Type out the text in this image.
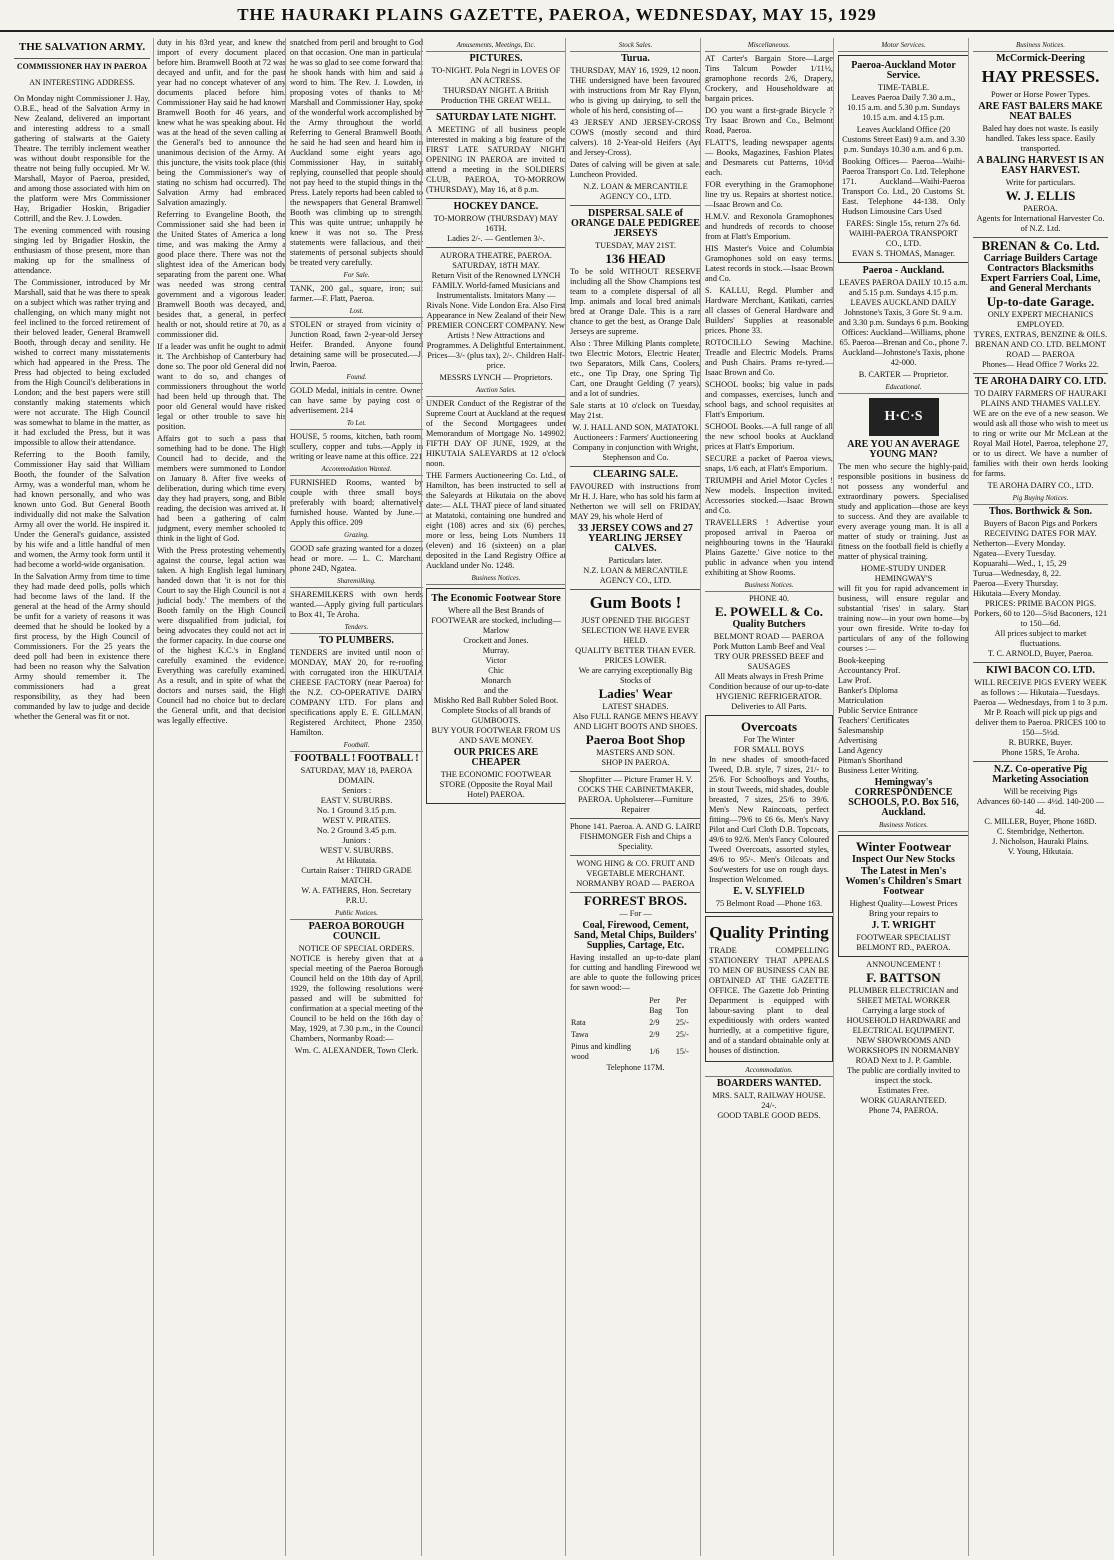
THE HAURAKI PLAINS GAZETTE, PAEROA, WEDNESDAY, MAY 15, 1929
THE SALVATION ARMY.
COMMISSIONER HAY IN PAEROA
AN INTERESTING ADDRESS.

On Monday night Commissioner J. Hay, O.B.E., head of the Salvation Army in New Zealand, delivered an important and interesting address to a small gathering of stalwarts at the Gaiety Theatre. The terribly inclement weather was without doubt responsible for the theatre not being fully occupied. Mr W. Marshall, Mayor of Paeroa, presided, and among those associated with him on the platform were Mrs Commissioner Hay, Brigadier Hoskin, Brigadier Cottrill, and the Rev. J. Lowden.

The evening commenced with rousing singing led by Brigadier Hoskin, the enthusiasm of those present, more than making up for the smallness of attendance.

The Commissioner, introduced by Mr Marshall, said that he was there to speak on a subject which was rather trying and challenging, on which many might not feel inclined to the forced retirement of their beloved leader, General Bramwell Booth, through decay and senility. He wished to correct many misstatements which had appeared in the Press. The Press had objected to being excluded from the High Council's deliberations in London; and the best papers were still constantly making statements which were not accurate. The High Council was somewhat to blame in the matter, as it had excluded the Press, but it was impossible to allow their attendance.

Referring to the Booth family, Commissioner Hay said that William Booth, the founder of the Salvation Army, was a wonderful man, whom he had known personally, and who was known unto God. But General Booth individually did not make the Salvation Army all over the world. He inspired it. Under the General's guidance, assisted by his wife and a little handful of men and women, the Army took form until it had become a world-wide organisation.

In the Salvation Army from time to time they had made deed polls, polls which had become laws of the land. If the general at the head of the Army should be unfit for a variety of reasons it was deemed that he should be looked by a first process, by the High Council of Commissioners. For the 25 years the deed poll had been in existence there had been no reason why the Salvation Army should remember it. The commissioners had a great responsibility, as they had been commanded by law to judge and decide whether the General was fit or not.

duty in his 83rd year, and knew the import of every document placed before him. Bramwell Booth at 72 was decayed and unfit, and for the past year had no concept whatever of any documents placed before him. Commissioner Hay said he had known Bramwell Booth for 46 years, and knew what he was speaking about. He was at the head of the seven calling at the General's bed to announce the unanimous decision of the Army. At this juncture, the visits took place (this being the Commissioner's way of stating no schism had occurred). The Salvation Army had embraced Salvation amazingly.

Referring to Evangeline Booth, the Commissioner said she had been in the United States of America a long time, and was making the Army a good place there. There was not the slightest idea of the American body separating from the parent one. What was needed was strong central government and a vigorous leader. Bramwell Booth was decayed, and, besides that, a general, in perfect health or not, should retire at 70, as a commissioner did.

If a leader was unfit he ought to admit it. The Archbishop of Canterbury had done so. The poor old General did not want to do so, and changes of commissioners throughout the world had been held up through that. The poor old General would have risked legal or other trouble to save his position.

Affairs got to such a pass that something had to be done. The High Council had to decide, and the members were summoned to London on January 8. After five weeks of deliberation, during which time every day they had prayers, song, and Bible reading, the decision was arrived at. It had been a gathering of calm judgment, every member schooled to think in the light of God.

With the Press protesting vehemently against the course, legal action was taken. A high English legal luminary handed down that 'it is not for this Court to say the High Council is not a judicial body.' The members of the Booth family on the High Council were disqualified from judicial, for being advocates they could not act in the former capacity. In due course one of the highest K.C.'s in England carefully examined the evidence. Everything was carefully examined. As a result, and in spite of what the doctors and nurses said, the High Council had no choice but to declare the General unfit, and that decision was legally effective.

snatched from peril and brought to God on that occasion. One man in particular he was so glad to see come forward that he shook hands with him and said a word to him. The Rev. J. Lowden, in proposing votes of thanks to Mr Marshall and Commissioner Hay, spoke of the wonderful work accomplished by the Army throughout the world. Referring to General Bramwell Booth, he said he had seen and heard him in Auckland some eight years ago. Commissioner Hay, in suitably replying, counselled that people should not pay heed to the stupid things in the Press. Lately reports had been cabled to the newspapers that General Bramwell Booth was climbing up to strength. This was quite untrue; unhappily he knew it was not so. The Press statements were fallacious, and their statements of personal subjects should be treated very carefully.

For Sale.

TANK, 200 gal., square, iron; suit farmer.—F. Flatt, Paeroa.

Lost.

STOLEN or strayed from vicinity of Junction Road, fawn 2-year-old Jersey Heifer. Branded. Anyone found detaining same will be prosecuted.—J. Irwin, Paeroa.

Found.

GOLD Medal, initials in centre. Owner can have same by paying cost of advertisement. 214

To Let.

HOUSE, 5 rooms, kitchen, bath room, scullery, copper and tubs.—Apply in writing or leave name at this office. 221

Accommodation Wanted.

FURNISHED Rooms, wanted by couple with three small boys, preferably with board; alternatively furnished house. Wanted by June.—Apply this office. 209

Grazing.

GOOD safe grazing wanted for a dozen head or more. — L. C. Marchant, phone 24D, Ngatea.

Sharemilking.

SHAREMILKERS with own herds wanted.—Apply giving full particulars to Box 41, Te Aroha.

Tenders.
TO PLUMBERS.

TENDERS are invited until noon of MONDAY, MAY 20, for re-roofing with corrugated iron the HIKUTAIA CHEESE FACTORY (near Paeroa) for the N.Z. CO-OPERATIVE DAIRY COMPANY LTD. For plans and specifications apply E. E. GILLMAN, Registered Architect, Phone 2350, Hamilton.

Football.
FOOTBALL ! FOOTBALL !
SATURDAY, MAY 18, PAEROA DOMAIN.
Seniors :
EAST V. SUBURBS.
No. 1 Ground 3.15 p.m.
WEST V. PIRATES.
No. 2 Ground 3.45 p.m.
Juniors :
WEST V. SUBURBS.
At Hikutaia.
Curtain Raiser : THIRD GRADE MATCH.
W. A. FATHERS, Hon. Secretary P.R.U.
Public Notices.
PAEROA BOROUGH COUNCIL
NOTICE OF SPECIAL ORDERS.

NOTICE is hereby given that at a special meeting of the Paeroa Borough Council held on the 18th day of April, 1929, the following resolutions were passed and will be submitted for confirmation at a special meeting of the Council to be held on the 16th day of May, 1929, at 7.30 p.m., in the Council Chambers, Normanby Road:—

Wm. C. ALEXANDER, Town Clerk.
Amusements, Meetings, Etc.
PICTURES.
TO-NIGHT. Pola Negri in LOVES OF AN ACTRESS.
THURSDAY NIGHT. A British Production THE GREAT WELL.
SATURDAY LATE NIGHT.

A MEETING of all business people interested in making a big feature of the FIRST LATE SATURDAY NIGHT OPENING IN PAEROA are invited to attend a meeting in the SOLDIERS' CLUB, PAEROA, TO-MORROW (THURSDAY), May 16, at 8 p.m.

HOCKEY DANCE.
TO-MORROW (THURSDAY) MAY 16TH.
Ladies 2/-. — Gentlemen 3/-.
AURORA THEATRE, PAEROA. SATURDAY, 18TH MAY.

Return Visit of the Renowned LYNCH FAMILY. World-famed Musicians and Instrumentalists. Imitators Many — Rivals None. Vide London Era. Also First Appearance in New Zealand of their New PREMIER CONCERT COMPANY. New Artists ! New Attractions and Programmes. A Delightful Entertainment. Prices—3/- (plus tax), 2/-. Children Half-price.

MESSRS LYNCH — Proprietors.
Auction Sales.

UNDER Conduct of the Registrar of the Supreme Court at Auckland at the request of the Second Mortgagees under Memorandum of Mortgage No. 149902. FIFTH DAY OF JUNE, 1929, at the HIKUTAIA SALEYARDS at 12 o'clock noon.

THE Farmers Auctioneering Co. Ltd., of Hamilton, has been instructed to sell at the Saleyards at Hikutaia on the above date:— ALL THAT piece of land situated at Matatoki, containing one hundred and eight (108) acres and six (6) perches, more or less, being Lots Numbers 11 (eleven) and 16 (sixteen) on a plan deposited in the Land Registry Office at Auckland under No. 1248.

Business Notices.
The Economic Footwear Store
Where all the Best Brands of FOOTWEAR are stocked, including—
Marlow
Crockett and Jones.
Murray.
Victor
Chic
Monarch
and the
Miskho Red Ball Rubber Soled Boot.
Complete Stocks of all brands of GUMBOOTS.
BUY YOUR FOOTWEAR FROM US AND SAVE MONEY.
OUR PRICES ARE CHEAPER
THE ECONOMIC FOOTWEAR STORE (Opposite the Royal Mail Hotel) PAEROA.
Stock Sales.
Turua.
THURSDAY, MAY 16, 1929, 12 noon.

THE undersigned have been favoured with instructions from Mr Ray Flynn, who is giving up dairying, to sell the whole of his herd, consisting of—

43 JERSEY AND JERSEY-CROSS COWS (mostly second and third calvers). 18 2-Year-old Heifers (Ayr and Jersey-Cross).

Dates of calving will be given at sale. Luncheon Provided.

N.Z. LOAN & MERCANTILE AGENCY CO., LTD.
DISPERSAL SALE of ORANGE DALE PEDIGREE JERSEYS
TUESDAY, MAY 21ST.
136 HEAD

To be sold WITHOUT RESERVE including all the Show Champions test team to a complete dispersal of all Imp. animals and local bred animals bred at Orange Dale. This is a rare chance to get the best, as Orange Dale Jerseys are supreme.

Also : Three Milking Plants complete, two Electric Motors, Electric Heater, two Separators, Milk Cans, Coolers, etc., one Tip Dray, one Spring Tip Cart, one Draught Gelding (7 years), and a lot of sundries.

Sale starts at 10 o'clock on Tuesday, May 21st.

W. J. HALL AND SON, MATATOKI.

Auctioneers : Farmers' Auctioneering Company in conjunction with Wright, Stephenson and Co.

CLEARING SALE.

FAVOURED with instructions from Mr H. J. Hare, who has sold his farm at Netherton we will sell on FRIDAY, MAY 29, his whole Herd of

33 JERSEY COWS and 27 YEARLING JERSEY CALVES.
Particulars later.
N.Z. LOAN & MERCANTILE AGENCY CO., LTD.
Gum Boots !
JUST OPENED THE BIGGEST SELECTION WE HAVE EVER HELD.
QUALITY BETTER THAN EVER. PRICES LOWER.
We are carrying exceptionally Big Stocks of
Ladies' Wear
LATEST SHADES.
Also FULL RANGE MEN'S HEAVY AND LIGHT BOOTS AND SHOES.
Paeroa Boot Shop
MASTERS AND SON.
SHOP IN PAEROA.
Shopfitter — Picture Framer H. V. COCKS THE CABINETMAKER, PAEROA. Upholsterer—Furniture Repairer
Phone 141. Paeroa. A. AND G. LAIRD FISHMONGER Fish and Chips a Speciality.
WONG HING & CO. FRUIT AND VEGETABLE MERCHANT. NORMANBY ROAD — PAEROA
FORREST BROS.
— For —
Coal, Firewood, Cement, Sand, Metal Chips, Builders' Supplies, Cartage, Etc.

Having installed an up-to-date plant for cutting and handling Firewood we are able to quote the following prices for sawn wood:—

	Per Bag	Per Ton
Rata	2/9	25/-
Tawa	2/9	25/-
Pinus and kindling wood	1/6	15/-
Telephone 117M.
Miscellaneous.

AT Carter's Bargain Store—Large Tins Talcum Powder 1/11½, gramophone records 2/6, Drapery, Crockery, and Householdware at bargain prices.

DO you want a first-grade Bicycle ? Try Isaac Brown and Co., Belmont Road, Paeroa.

FLATT'S, leading newspaper agents — Books, Magazines, Fashion Plates and Desmarets cut Patterns, 10½d each.

FOR everything in the Gramophone line try us. Repairs at shortest notice.—Isaac Brown and Co.

H.M.V. and Rexonola Gramophones and hundreds of records to choose from at Flatt's Emporium.

HIS Master's Voice and Columbia Gramophones sold on easy terms. Latest records in stock.—Isaac Brown and Co.

S. KALLU, Regd. Plumber and Hardware Merchant, Katikati, carries all classes of General Hardware and Builders' Supplies at reasonable prices. Phone 33.

ROTOCILLO Sewing Machine. Treadle and Electric Models. Prams and Push Chairs. Prams re-tyred.—Isaac Brown and Co.

SCHOOL books; big value in pads and compasses, exercises, lunch and school bags, and school requisites at Flatt's Emporium.

SCHOOL Books.—A full range of all the new school books at Auckland prices at Flatt's Emporium.

SECURE a packet of Paeroa views, snaps, 1/6 each, at Flatt's Emporium.

TRIUMPH and Ariel Motor Cycles ! New models. Inspection invited. Accessories stocked.—Isaac Brown and Co.

TRAVELLERS ! Advertise your proposed arrival in Paeroa or neighbouring towns in the 'Hauraki Plains Gazette.' Give notice to the public in advance when you intend exhibiting at Show Rooms.

Business Notices.
PHONE 40.
E. POWELL & Co.
Quality Butchers
BELMONT ROAD — PAEROA
Pork Mutton Lamb Beef and Veal
TRY OUR PRESSED BEEF and SAUSAGES

All Meats always in Fresh Prime Condition because of our up-to-date HYGIENIC REFRIGERATOR. Deliveries to All Parts.

Overcoats
For The Winter
FOR SMALL BOYS

In new shades of smooth-faced Tweed, D.B. style, 7 sizes, 21/- to 25/6. For Schoolboys and Youths, in stout Tweeds, mid shades, double breasted, 7 sizes, 25/6 to 39/6. Men's New Raincoats, perfect fitting—79/6 to £6 6s. Men's Navy Pilot and Curl Cloth D.B. Topcoats, 49/6 to 92/6. Men's Fancy Coloured Tweed Overcoats, assorted styles, 49/6 to 95/-. Men's Oilcoats and Sou'westers for use on rough days. Inspection Welcomed.

E. V. SLYFIELD
75 Belmont Road —Phone 163.
Quality Printing

TRADE COMPELLING STATIONERY THAT APPEALS TO MEN OF BUSINESS CAN BE OBTAINED AT THE GAZETTE OFFICE. The Gazette Job Printing Department is equipped with labour-saving plant to deal expeditiously with orders wanted hurriedly, at a competitive figure, and of a standard obtainable only at houses of distinction.

Accommodation.
BOARDERS WANTED.
MRS. SALT, RAILWAY HOUSE.
24/-.
GOOD TABLE GOOD BEDS.
Motor Services.
Paeroa-Auckland Motor Service.
TIME-TABLE.

Leaves Paeroa Daily 7.30 a.m., 10.15 a.m. and 5.30 p.m. Sundays 10.15 a.m. and 4.15 p.m.

Leaves Auckland Office (20 Customs Street East) 9 a.m. and 3.30 p.m. Sundays 10.30 a.m. and 6 p.m.

Booking Offices— Paeroa—Waihi-Paeroa Transport Co. Ltd. Telephone 171. Auckland—Waihi-Paeroa Transport Co. Ltd., 20 Customs St. East. Telephone 44-138. Only Hudson Limousine Cars Used

FARES: Single 15s, return 27s 6d.
WAIHI-PAEROA TRANSPORT CO., LTD.
EVAN S. THOMAS, Manager.
Paeroa - Auckland.

LEAVES PAEROA DAILY 10.15 a.m. and 5.15 p.m. Sundays 4.15 p.m. LEAVES AUCKLAND DAILY Johnstone's Taxis, 3 Gore St. 9 a.m. and 3.30 p.m. Sundays 6 p.m. Booking Offices: Auckland—Williams, phone 65. Paeroa—Brenan and Co., phone 7. Auckland—Johnstone's Taxis, phone 42-000.

B. CARTER — Proprietor.
Educational.
H·C·S
ARE YOU AN AVERAGE YOUNG MAN?

The men who secure the highly-paid, responsible positions in business do not possess any wonderful and extraordinary powers. Specialised study and application—those are keys to success. And they are available to every average young man. It is all a matter of study or training. Just as fitness on the football field is chiefly a matter of physical training.

HOME-STUDY UNDER HEMINGWAY'S

will fit you for rapid advancement in business, will ensure regular and substantial 'rises' in salary. Start training now—in your own home—by your own fireside. Write to-day for particulars of any of the following courses :—

Book-keeping
Accountancy Prof.
Law Prof.
Banker's Diploma
Matriculation
Public Service Entrance
Teachers' Certificates
Salesmanship
Advertising
Land Agency
Pitman's Shorthand
Business Letter Writing.
Hemingway's CORRESPONDENCE SCHOOLS, P.O. Box 516, Auckland.
Business Notices.
Winter Footwear
Inspect Our New Stocks
The Latest in Men's Women's Children's Smart Footwear
Highest Quality—Lowest Prices
Bring your repairs to
J. T. WRIGHT
FOOTWEAR SPECIALIST BELMONT RD., PAEROA.
ANNOUNCEMENT !
F. BATTSON
PLUMBER ELECTRICIAN and SHEET METAL WORKER
Carrying a large stock of HOUSEHOLD HARDWARE and ELECTRICAL EQUIPMENT.
NEW SHOWROOMS AND WORKSHOPS IN NORMANBY ROAD Next to J. P. Gamble.
The public are cordially invited to inspect the stock.
Estimates Free.
WORK GUARANTEED.
Phone 74, PAEROA.
Business Notices.
McCormick-Deering
HAY PRESSES.
Power or Horse Power Types.
ARE FAST BALERS MAKE NEAT BALES
Baled hay does not waste. Is easily handled. Takes less space. Easily transported.
A BALING HARVEST IS AN EASY HARVEST.
Write for particulars.
W. J. ELLIS
PAEROA.
Agents for International Harvester Co. of N.Z. Ltd.
BRENAN & Co. Ltd.
Carriage Builders Cartage Contractors Blacksmiths Expert Farriers Coal, Lime, and General Merchants
Up-to-date Garage.
ONLY EXPERT MECHANICS EMPLOYED.
TYRES, EXTRAS, BENZINE & OILS.
BRENAN AND CO. LTD. BELMONT ROAD — PAEROA
Phones— Head Office 7 Works 22.
TE AROHA DAIRY CO. LTD.
TO DAIRY FARMERS OF HAURAKI PLAINS AND THAMES VALLEY.

WE are on the eve of a new season. We would ask all those who wish to meet us to ring or write our Mr McLean at the Royal Mail Hotel, Paeroa, telephone 27, or to us direct. We have a number of families with their own herds looking for farms.

TE AROHA DAIRY CO., LTD.
Pig Buying Notices.
Thos. Borthwick & Son.
Buyers of Bacon Pigs and Porkers
RECEIVING DATES FOR MAY.
Netherton—Every Monday.
Ngatea—Every Tuesday.
Kopuarahi—Wed., 1, 15, 29
Turua—Wednesday, 8, 22.
Paeroa—Every Thursday.
Hikutaia—Every Monday.
PRICES: PRIME BACON PIGS. Porkers, 60 to 120—5¾d Baconers, 121 to 150—6d.
All prices subject to market fluctuations.
T. C. ARNOLD, Buyer, Paeroa.
KIWI BACON CO. LTD.
WILL RECEIVE PIGS EVERY WEEK as follows :— Hikutaia—Tuesdays. Paeroa — Wednesdays, from 1 to 3 p.m.
Mr P. Roach will pick up pigs and deliver them to Paeroa. PRICES 100 to 150—5½d.
R. BURKE, Buyer.
Phone 15RS, Te Aroha.
N.Z. Co-operative Pig Marketing Association
Will be receiving Pigs
Advances 60-140 — 4½d. 140-200 — 4d.
C. MILLER, Buyer, Phone 168D.
C. Stembridge, Netherton.
J. Nicholson, Hauraki Plains.
V. Young, Hikutaia.
